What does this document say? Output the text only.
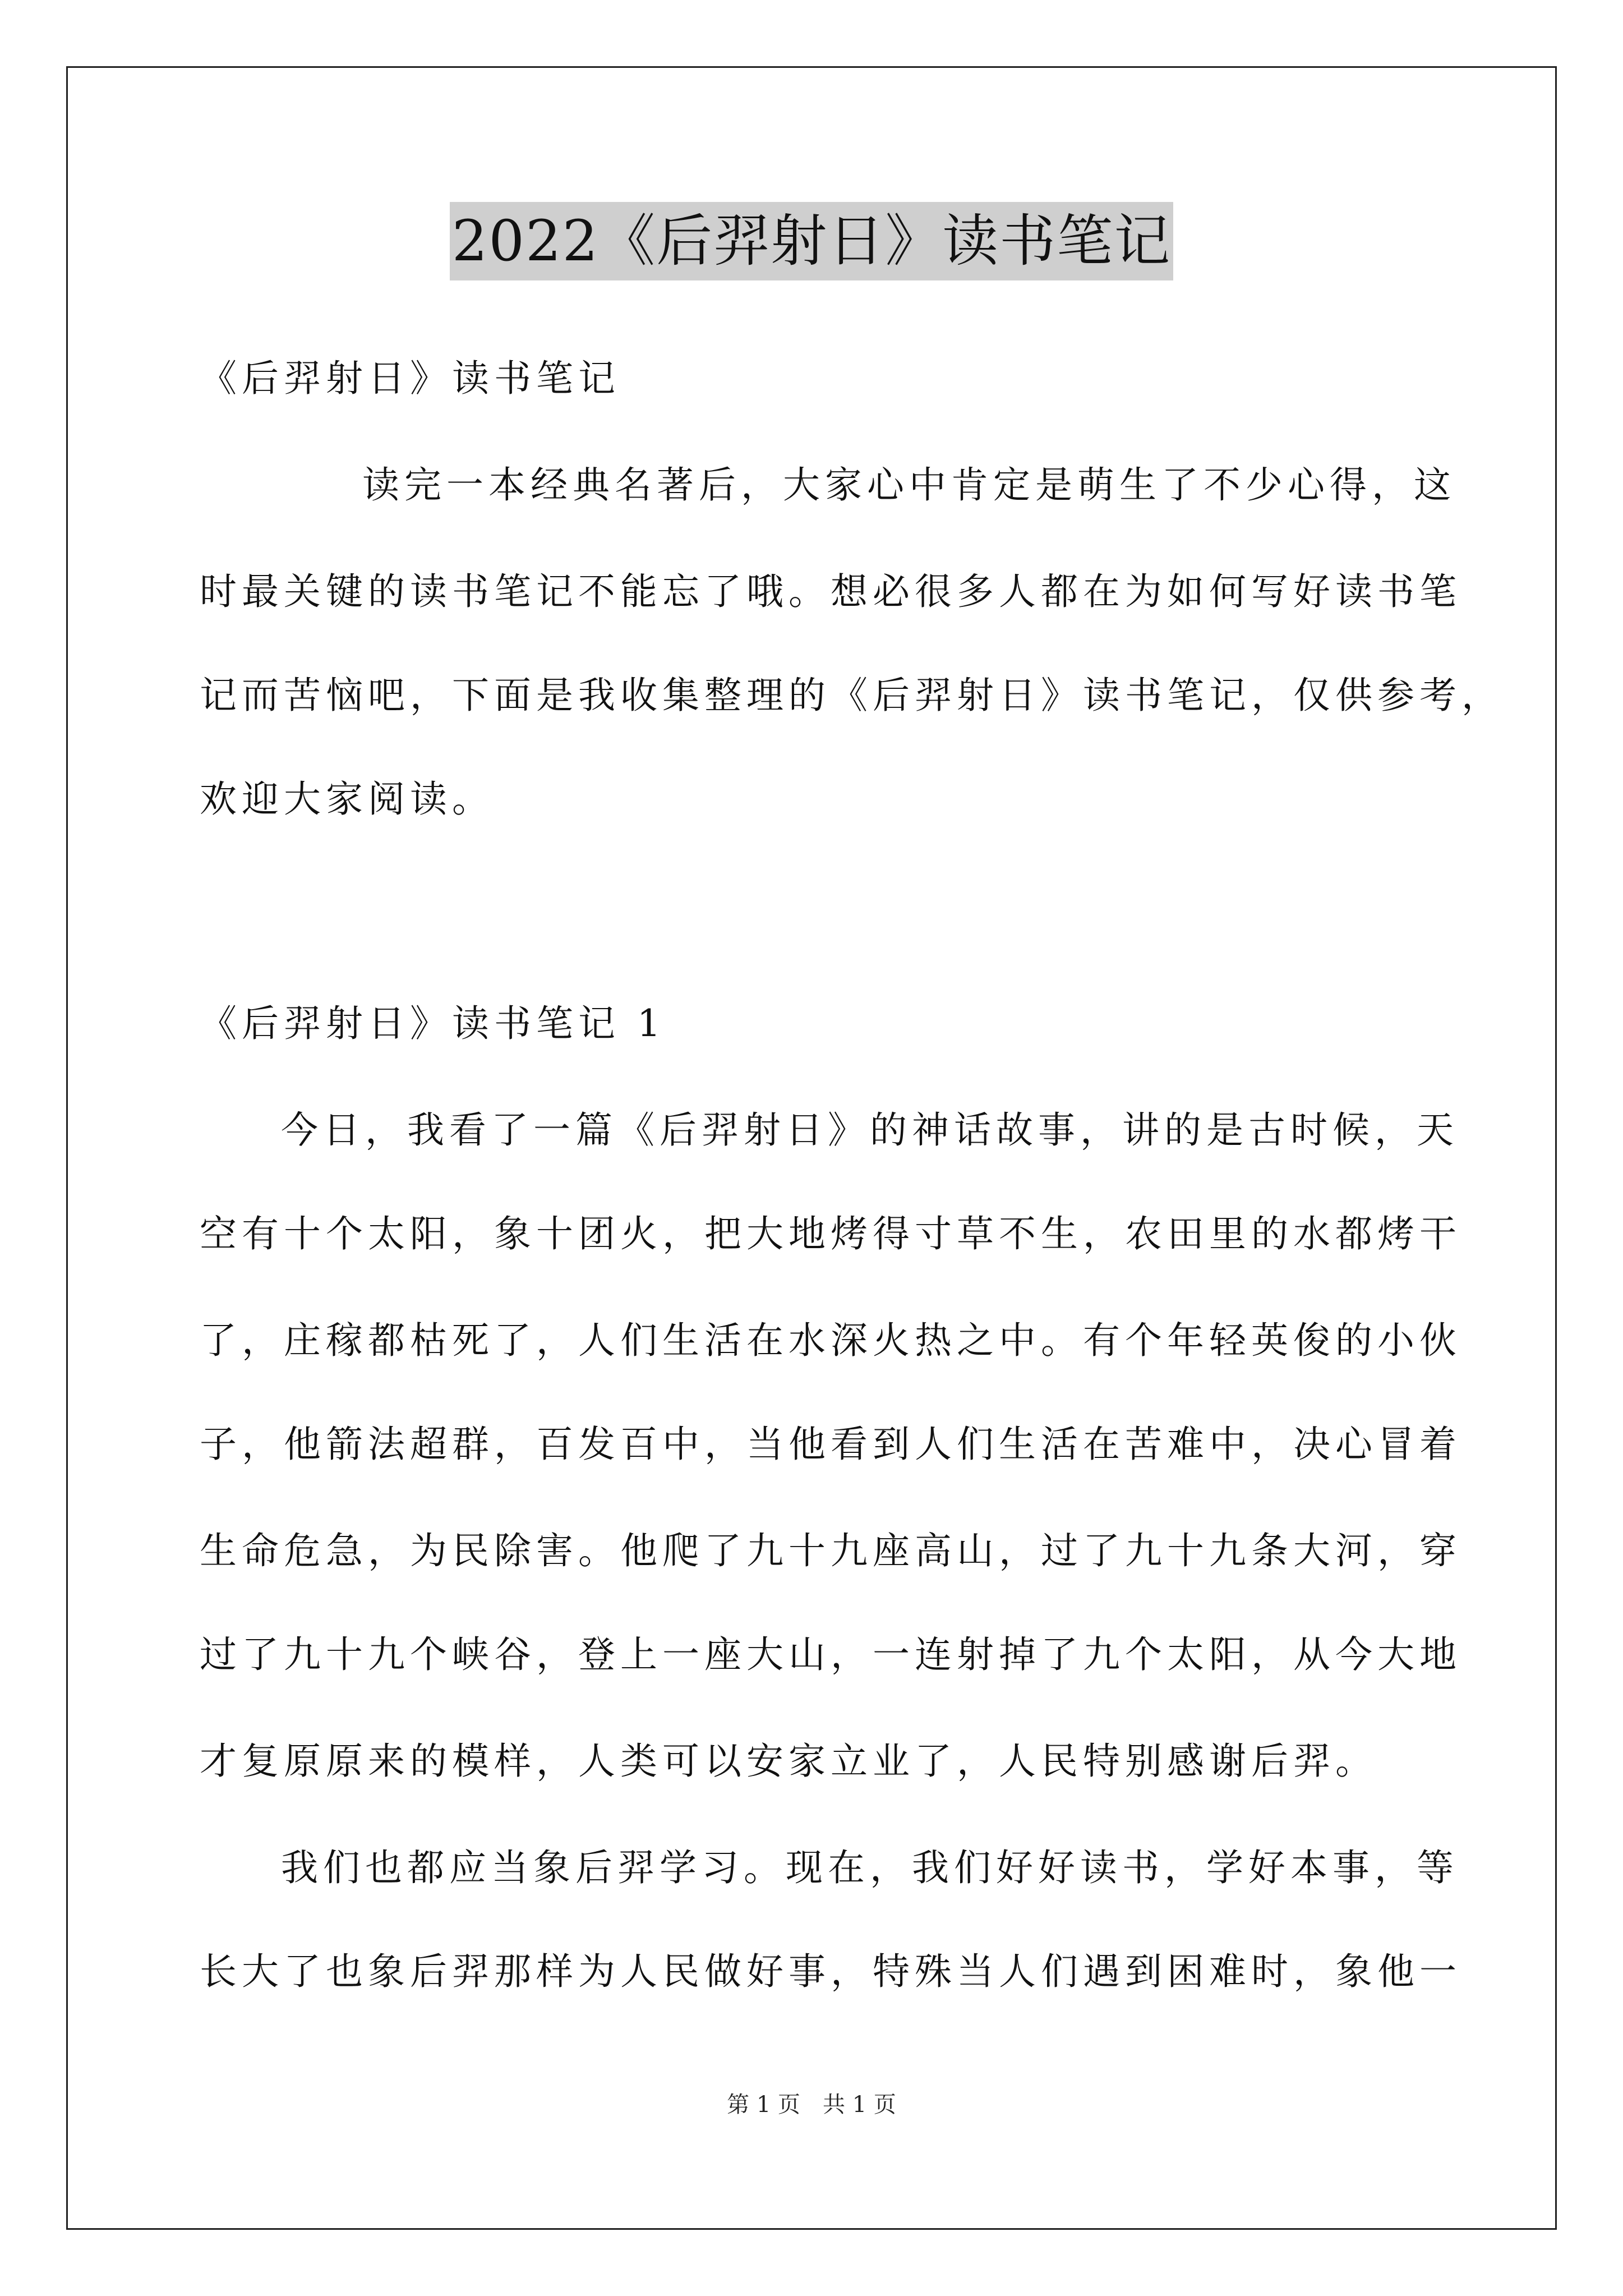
2022《后羿射日》读书笔记
《后羿射日》读书笔记
读完一本经典名著后，大家心中肯定是萌生了不少心得，这
时最关键的读书笔记不能忘了哦。想必很多人都在为如何写好读书笔
记而苦恼吧，下面是我收集整理的《后羿射日》读书笔记，仅供参考，
欢迎大家阅读。
《后羿射日》读书笔记 1
今日，我看了一篇《后羿射日》的神话故事，讲的是古时候，天
空有十个太阳，象十团火，把大地烤得寸草不生，农田里的水都烤干
了，庄稼都枯死了，人们生活在水深火热之中。有个年轻英俊的小伙
子，他箭法超群，百发百中，当他看到人们生活在苦难中，决心冒着
生命危急，为民除害。他爬了九十九座高山，过了九十九条大河，穿
过了九十九个峡谷，登上一座大山，一连射掉了九个太阳，从今大地
才复原原来的模样，人类可以安家立业了，人民特别感谢后羿。
我们也都应当象后羿学习。现在，我们好好读书，学好本事，等
长大了也象后羿那样为人民做好事，特殊当人们遇到困难时，象他一
第 1 页　共 1 页
